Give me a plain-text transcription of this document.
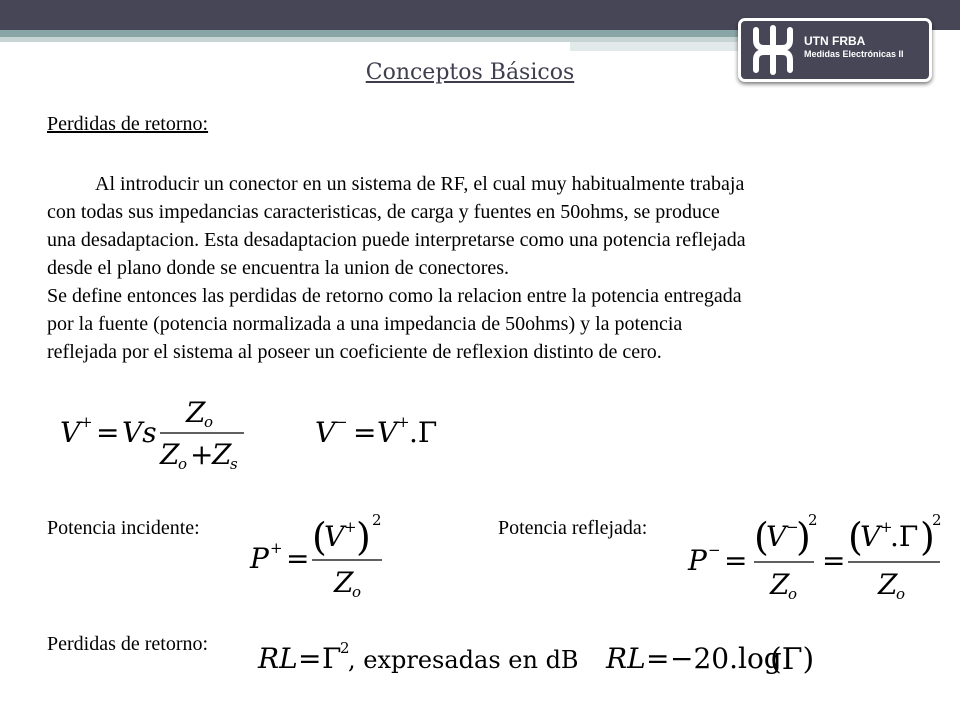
UTN FRBA
Medidas Electrónicas II
Conceptos Básicos
Perdidas de retorno:
Al introducir un conector en un sistema de RF, el cual muy habitualmente trabaja
con todas sus impedancias caracteristicas, de carga y fuentes en 50ohms, se produce
una desadaptacion. Esta desadaptacion puede interpretarse como una potencia reflejada
desde el plano donde se encuentra la union de conectores.
Se define entonces las perdidas de retorno como la relacion entre la potencia entregada
por la fuente (potencia normalizada a una impedancia de 50ohms) y la potencia
reflejada por el sistema al poseer un coeficiente de reflexion distinto de cero.
V + = Vs
Z
o
Z
o +
Z
s
V − = V + .Γ
Potencia incidente:
P + = (
V + ) 2
Z
o
Potencia reflejada:
P − =
(
V −
)
2
Z
o
=
(
V +
.Γ )
2
Z
o
Perdidas de retorno: RL = Γ
2
, expresadas en dB RL = −20.log
(Γ)
